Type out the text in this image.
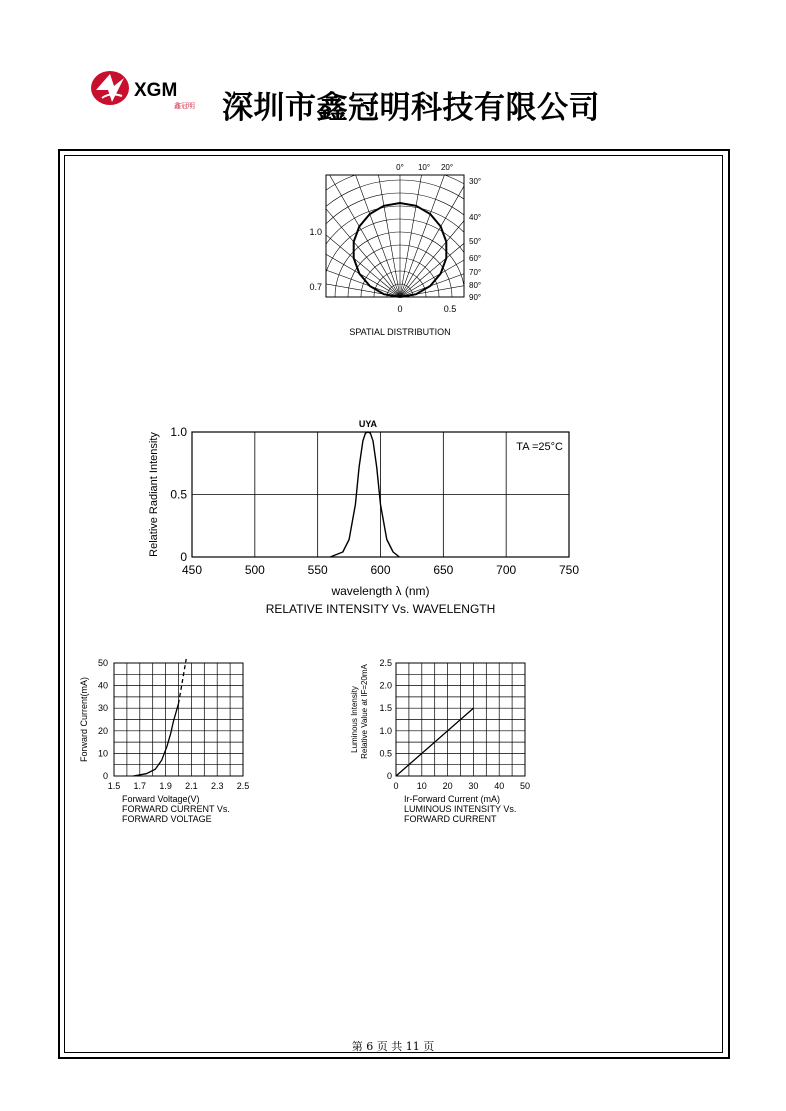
XGM
鑫冠明 深圳市鑫冠明科技有限公司
0° 10° 20°
30°
40°
50°
60°
70°
80°
90°
1.0
0.7
0	0.5
SPATIAL DISTRIBUTION
450	500	550	600	650	700	750
0
0.5
1.0
Relative Radiant Intensity
UYA
TA =25°C
wavelength λ (nm)
RELATIVE INTENSITY Vs. WAVELENGTH
1.5 1.7 1.9 2.1 2.3 2.5
0
10
20
30
40
50
Forward Current(mA)
Forward Voltage(V)
FORWARD CURRENT Vs.
FORWARD VOLTAGE
0 10 20 30 40 50
0
0.5
1.0
1.5
2.0
2.5
Luminous Intensity Relative Value at IF=20mA
Ir-Forward Current (mA)
LUMINOUS INTENSITY Vs.
FORWARD CURRENT
第 6 页 共 11 页
